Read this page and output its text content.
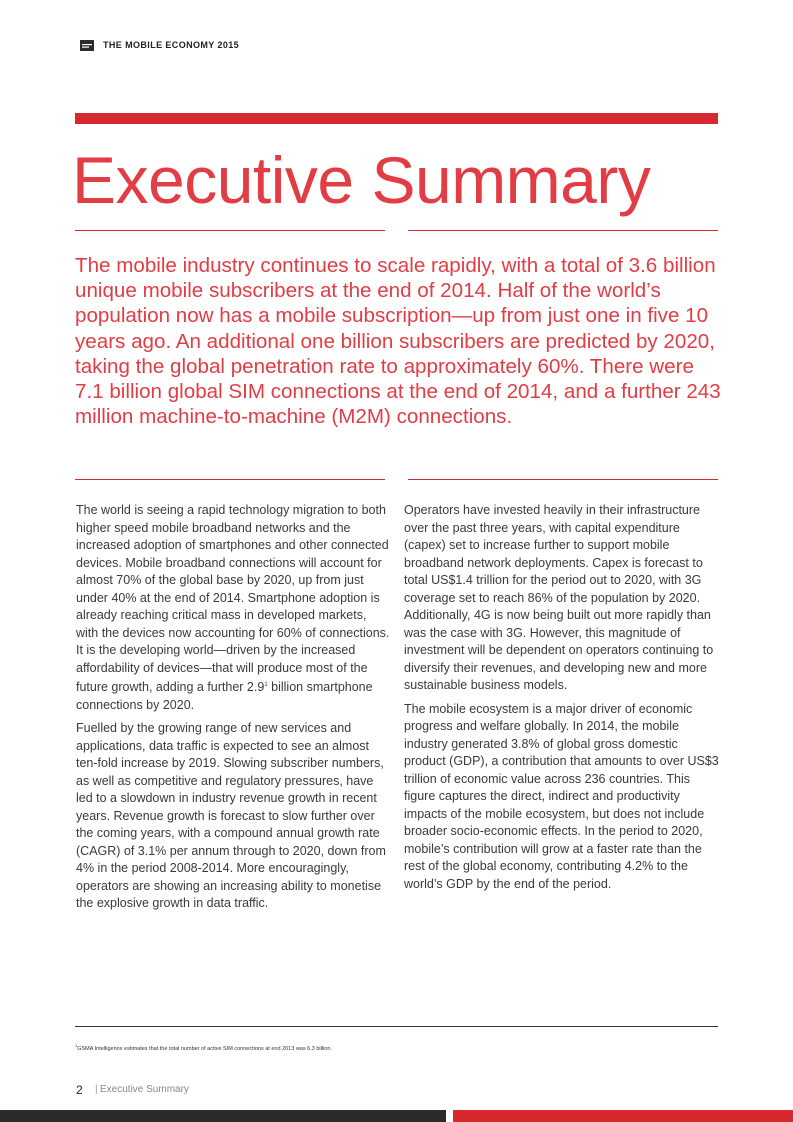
THE MOBILE ECONOMY 2015
Executive Summary

The mobile industry continues to scale rapidly, with a total of 3.6 billion unique mobile subscribers at the end of 2014. Half of the world’s population now has a mobile subscription—up from just one in five 10 years ago. An additional one billion subscribers are predicted by 2020, taking the global penetration rate to approximately 60%. There were 7.1 billion global SIM connections at the end of 2014, and a further 243 million machine-to-machine (M2M) connections.

The world is seeing a rapid technology migration to both higher speed mobile broadband networks and the increased adoption of smartphones and other connected devices. Mobile broadband connections will account for almost 70% of the global base by 2020, up from just under 40% at the end of 2014. Smartphone adoption is already reaching critical mass in developed markets, with the devices now accounting for 60% of connections. It is the developing world—driven by the increased affordability of devices—that will produce most of the future growth, adding a further $2.9^1$ billion smartphone connections by 2020.

Fuelled by the growing range of new services and applications, data traffic is expected to see an almost ten-fold increase by 2019. Slowing subscriber numbers, as well as competitive and regulatory pressures, have led to a slowdown in industry revenue growth in recent years. Revenue growth is forecast to slow further over the coming years, with a compound annual growth rate (CAGR) of 3.1% per annum through to 2020, down from 4% in the period 2008-2014. More encouragingly, operators are showing an increasing ability to monetise the explosive growth in data traffic.

Operators have invested heavily in their infrastructure over the past three years, with capital expenditure (capex) set to increase further to support mobile broadband network deployments. Capex is forecast to total US$1.4 trillion for the period out to 2020, with 3G coverage set to reach 86% of the population by 2020. Additionally, 4G is now being built out more rapidly than was the case with 3G. However, this magnitude of investment will be dependent on operators continuing to diversify their revenues, and developing new and more sustainable business models.

The mobile ecosystem is a major driver of economic progress and welfare globally. In 2014, the mobile industry generated 3.8% of global gross domestic product (GDP), a contribution that amounts to over US$3 trillion of economic value across 236 countries. This figure captures the direct, indirect and productivity impacts of the mobile ecosystem, but does not include broader socio-economic effects. In the period to 2020, mobile’s contribution will grow at a faster rate than the rest of the global economy, contributing 4.2% to the world’s GDP by the end of the period.

$^1$GSMA Intelligence estimates that the total number of active SIM connections at end 2013 was 6.3 billion.
2 | Executive Summary
